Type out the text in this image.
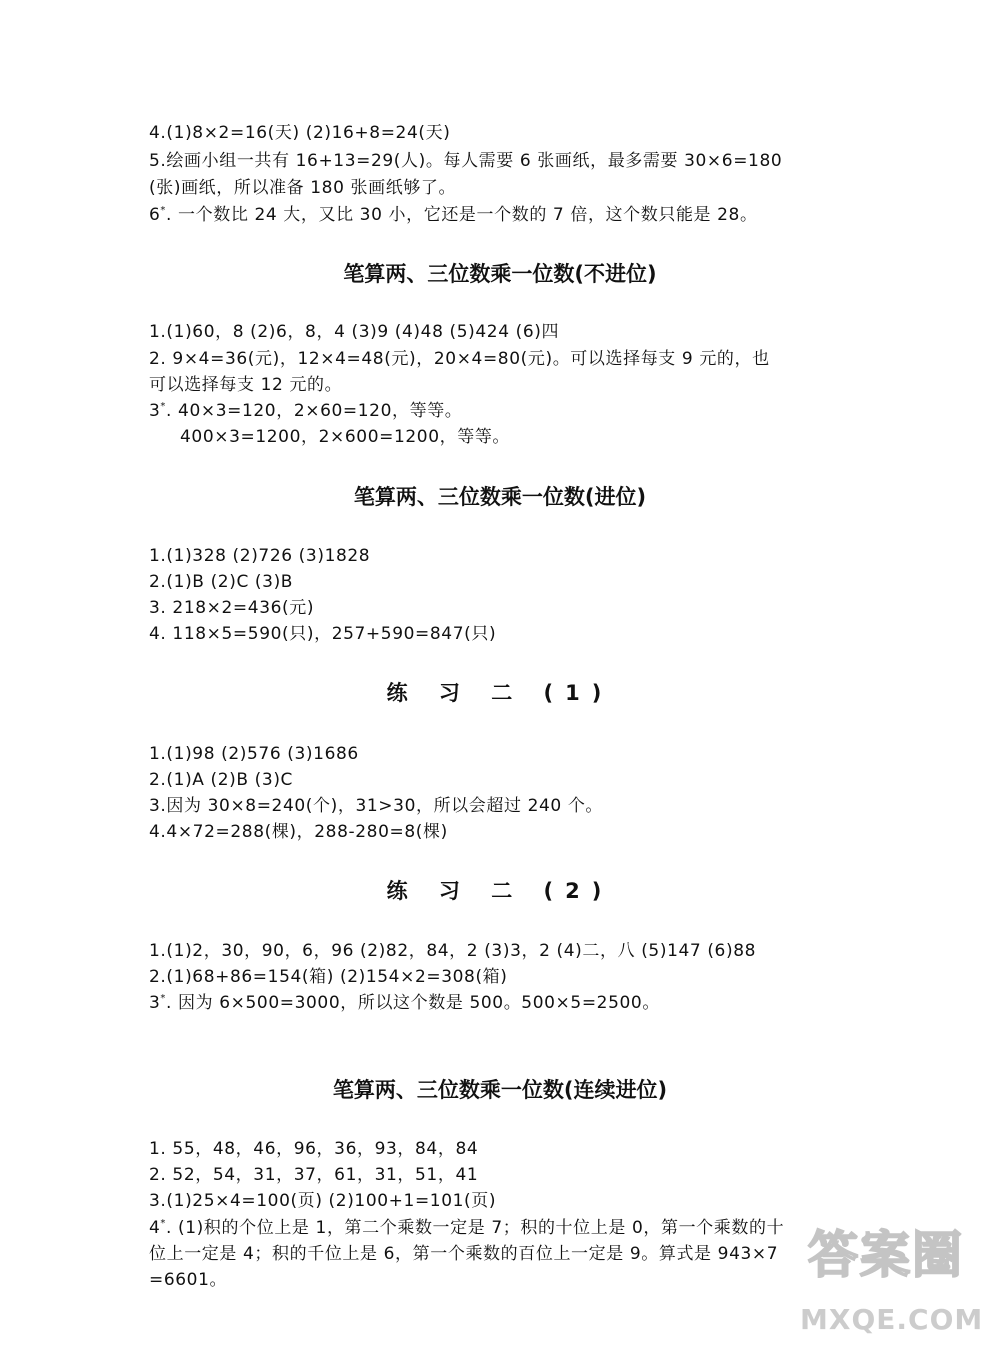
4.(1)8×2=16(天) (2)16+8=24(天)
5.绘画小组一共有 16+13=29(人)。每人需要 6 张画纸，最多需要 30×6=180
(张)画纸，所以准备 180 张画纸够了。
6*. 一个数比 24 大，又比 30 小，它还是一个数的 7 倍，这个数只能是 28。
笔算两、三位数乘一位数(不进位)
1.(1)60，8 (2)6，8，4 (3)9 (4)48 (5)424 (6)四
2. 9×4=36(元)，12×4=48(元)，20×4=80(元)。可以选择每支 9 元的，也
可以选择每支 12 元的。
3*. 40×3=120，2×60=120，等等。
400×3=1200，2×600=1200，等等。
笔算两、三位数乘一位数(进位)
1.(1)328 (2)726 (3)1828
2.(1)B (2)C (3)B
3. 218×2=436(元)
4. 118×5=590(只)，257+590=847(只)
练 习 二 (1)
1.(1)98 (2)576 (3)1686
2.(1)A (2)B (3)C
3.因为 30×8=240(个)，31>30，所以会超过 240 个。
4.4×72=288(棵)，288-280=8(棵)
练 习 二 (2)
1.(1)2，30，90，6，96 (2)82，84，2 (3)3，2 (4)二，八 (5)147 (6)88
2.(1)68+86=154(箱) (2)154×2=308(箱)
3*. 因为 6×500=3000，所以这个数是 500。500×5=2500。
笔算两、三位数乘一位数(连续进位)
1. 55，48，46，96，36，93，84，84
2. 52，54，31，37，61，31，51，41
3.(1)25×4=100(页) (2)100+1=101(页)
4*. (1)积的个位上是 1，第二个乘数一定是 7；积的十位上是 0，第一个乘数的十
位上一定是 4；积的千位上是 6，第一个乘数的百位上一定是 9。算式是 943×7
=6601。	答案圈
MXQE.COM
